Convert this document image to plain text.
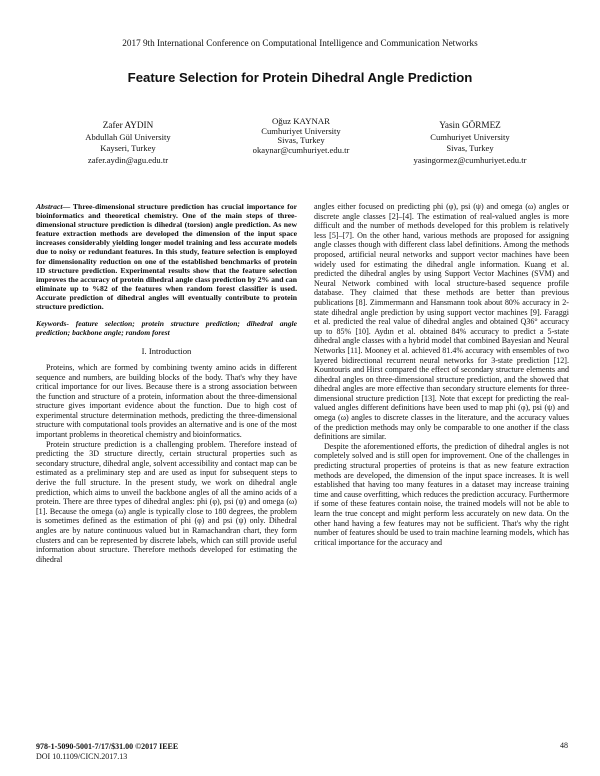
2017 9th International Conference on Computational Intelligence and Communication Networks
Feature Selection for Protein Dihedral Angle Prediction
Zafer AYDIN
Abdullah Gül University
Kayseri, Turkey
zafer.aydin@agu.edu.tr
Oğuz KAYNAR
Cumhuriyet University
Sivas, Turkey
okaynar@cumhuriyet.edu.tr
Yasin GÖRMEZ
Cumhuriyet University
Sivas, Turkey
yasingormez@cumhuriyet.edu.tr

Abstract— Three-dimensional structure prediction has crucial importance for bioinformatics and theoretical chemistry. One of the main steps of three-dimensional structure prediction is dihedral (torsion) angle prediction. As new feature extraction methods are developed the dimension of the input space increases considerably yielding longer model training and less accurate models due to noisy or redundant features. In this study, feature selection is employed for dimensionality reduction on one of the established benchmarks of protein 1D structure prediction. Experimental results show that the feature selection improves the accuracy of protein dihedral angle class prediction by 2% and can eliminate up to %82 of the features when random forest classifier is used. Accurate prediction of dihedral angles will eventually contribute to protein structure prediction.

Keywords- feature selection; protein structure prediction; dihedral angle prediction; backbone angle; random forest

I. Introduction

Proteins, which are formed by combining twenty amino acids in different sequence and numbers, are building blocks of the body. That's why they have critical importance for our lives. Because there is a strong association between the function and structure of a protein, information about the three-dimensional structure gives important evidence about the function. Due to high cost of experimental structure determination methods, predicting the three-dimensional structure with computational tools provides an alternative and is one of the most important problems in theoretical chemistry and bioinformatics.

Protein structure prediction is a challenging problem. Therefore instead of predicting the 3D structure directly, certain structural properties such as secondary structure, dihedral angle, solvent accessibility and contact map can be estimated as a preliminary step and are used as input for subsequent steps to derive the full structure. In the present study, we work on dihedral angle prediction, which aims to unveil the backbone angles of all the amino acids of a protein. There are three types of dihedral angles: phi (φ), psi (ψ) and omega (ω) [1]. Because the omega (ω) angle is typically close to 180 degrees, the problem is sometimes defined as the estimation of phi (φ) and psi (ψ) only. Dihedral angles are by nature continuous valued but in Ramachandran chart, they form clusters and can be represented by discrete labels, which can still provide useful information about structure. Therefore methods developed for estimating the dihedral

angles either focused on predicting phi (φ), psi (ψ) and omega (ω) angles or discrete angle classes [2]–[4]. The estimation of real-valued angles is more difficult and the number of methods developed for this problem is relatively less [5]–[7]. On the other hand, various methods are proposed for assigning angle classes though with different class label definitions. Among the methods proposed, artificial neural networks and support vector machines have been widely used for estimating the dihedral angle information. Kuang et al. predicted the dihedral angles by using Support Vector Machines (SVM) and Neural Network combined with local structure-based sequence profile database. They claimed that these methods are better than previous publications [8]. Zimmermann and Hansmann took about 80% accuracy in 2-state dihedral angle prediction by using support vector machines [9]. Faraggi et al. predicted the real value of dihedral angles and obtained Q36° accuracy up to 85% [10]. Aydın et al. obtained 84% accuracy to predict a 5-state dihedral angle classes with a hybrid model that combined Bayesian and Neural Networks [11]. Mooney et al. achieved 81.4% accuracy with ensembles of two layered bidirectional recurrent neural networks for 3-state prediction [12]. Kountouris and Hirst compared the effect of secondary structure elements and dihedral angles on three-dimensional structure prediction, and the showed that dihedral angles are more effective than secondary structure elements for three-dimensional structure prediction [13]. Note that except for predicting the real-valued angles different definitions have been used to map phi (φ), psi (ψ) and omega (ω) angles to discrete classes in the literature, and the accuracy values of the prediction methods may only be comparable to one another if the class definitions are similar.

Despite the aforementioned efforts, the prediction of dihedral angles is not completely solved and is still open for improvement. One of the challenges in predicting structural properties of proteins is that as new feature extraction methods are developed, the dimension of the input space increases. It is well established that having too many features in a dataset may increase training time and cause overfitting, which reduces the prediction accuracy. Furthermore if some of these features contain noise, the trained models will not be able to learn the true concept and might perform less accurately on new data. On the other hand having a few features may not be sufficient. That's why the right number of features should be used to train machine learning models, which has critical importance for the accuracy and

978-1-5090-5001-7/17/$31.00 ©2017 IEEE
DOI 10.1109/CICN.2017.13
48
